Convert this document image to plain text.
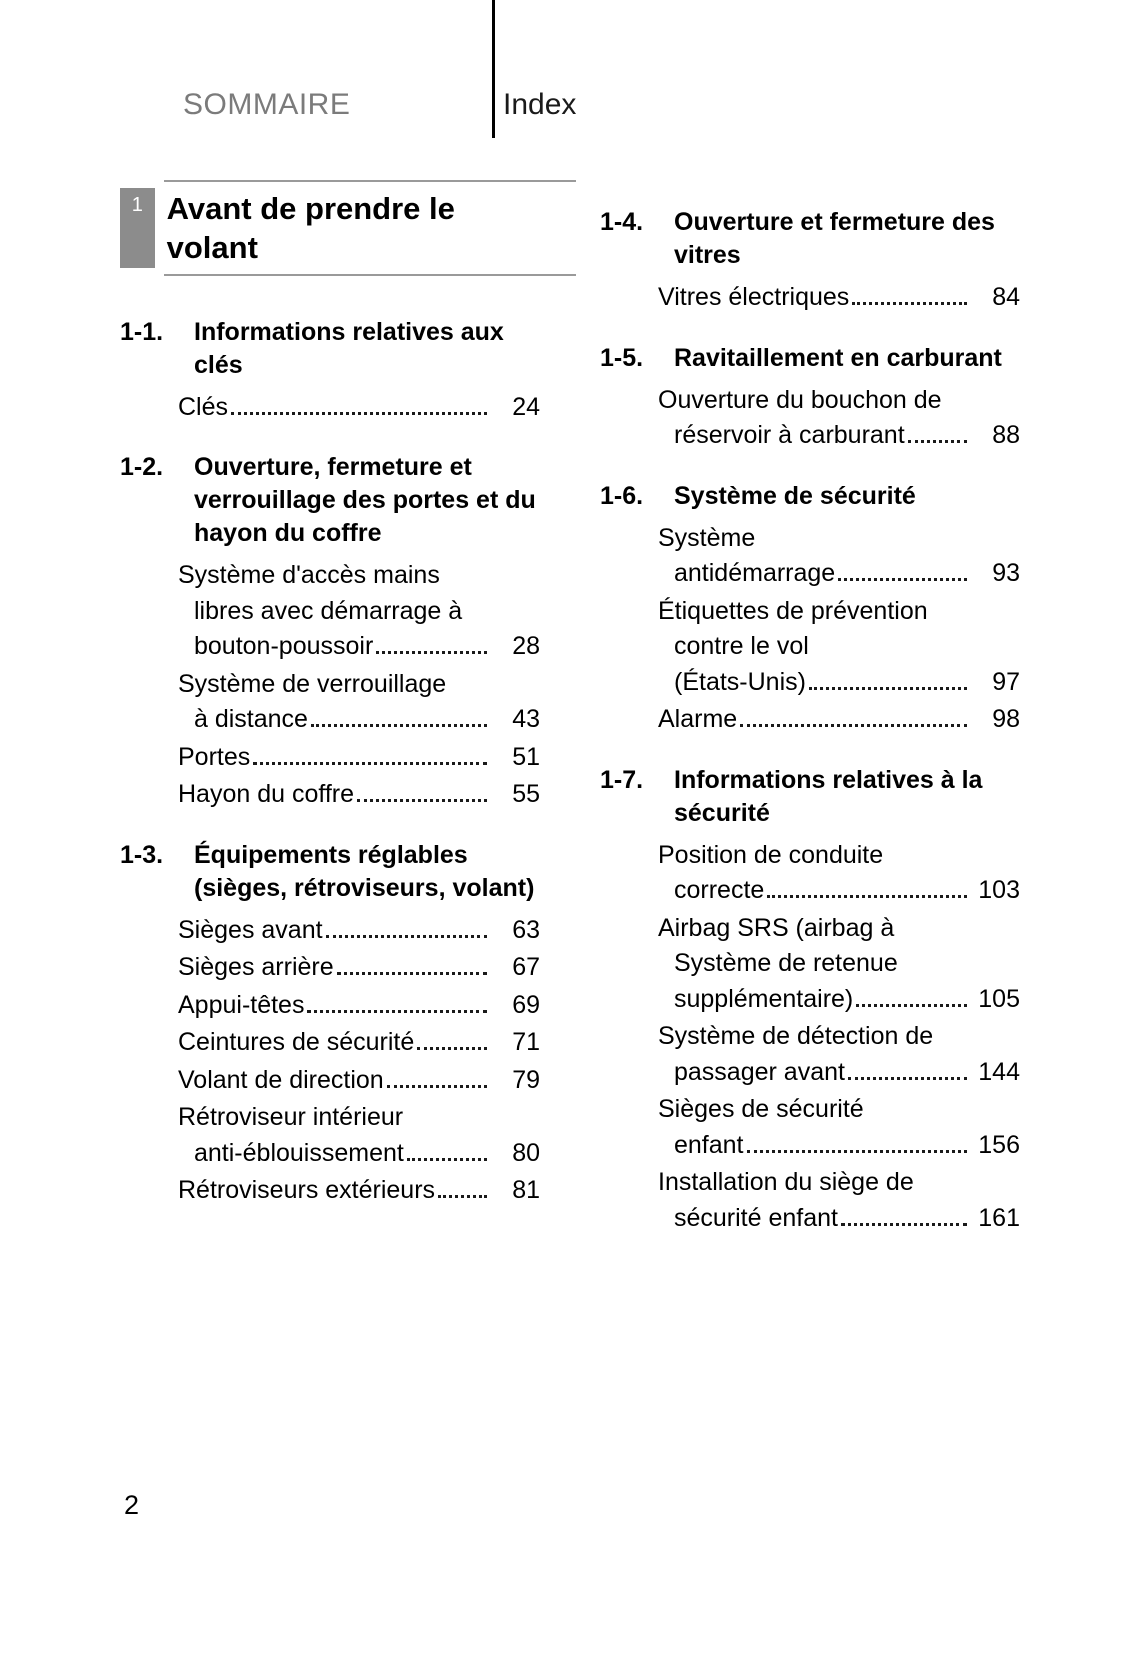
SOMMAIRE	Index
1 Avant de prendre le volant
1-1.	Informations relatives aux clés
Clés	24
1-2.	Ouverture, fermeture et verrouillage des portes et du hayon du coffre
Système d'accès mains
libres avec démarrage à
bouton-poussoir	28
Système de verrouillage
à distance	43
Portes	51
Hayon du coffre	55
1-3.	Équipements réglables (sièges, rétroviseurs, volant)
Sièges avant	63
Sièges arrière	67
Appui-têtes	69
Ceintures de sécurité	71
Volant de direction	79
Rétroviseur intérieur
anti-éblouissement	80
Rétroviseurs extérieurs	81
1-4.	Ouverture et fermeture des vitres
Vitres électriques	84
1-5.	Ravitaillement en carburant
Ouverture du bouchon de
réservoir à carburant	88
1-6.	Système de sécurité
Système
antidémarrage	93
Étiquettes de prévention
contre le vol
(États-Unis)	97
Alarme	98
1-7.	Informations relatives à la sécurité
Position de conduite
correcte	103
Airbag SRS (airbag à
Système de retenue
supplémentaire)	105
Système de détection de
passager avant	144
Sièges de sécurité
enfant	156
Installation du siège de
sécurité enfant	161
2
